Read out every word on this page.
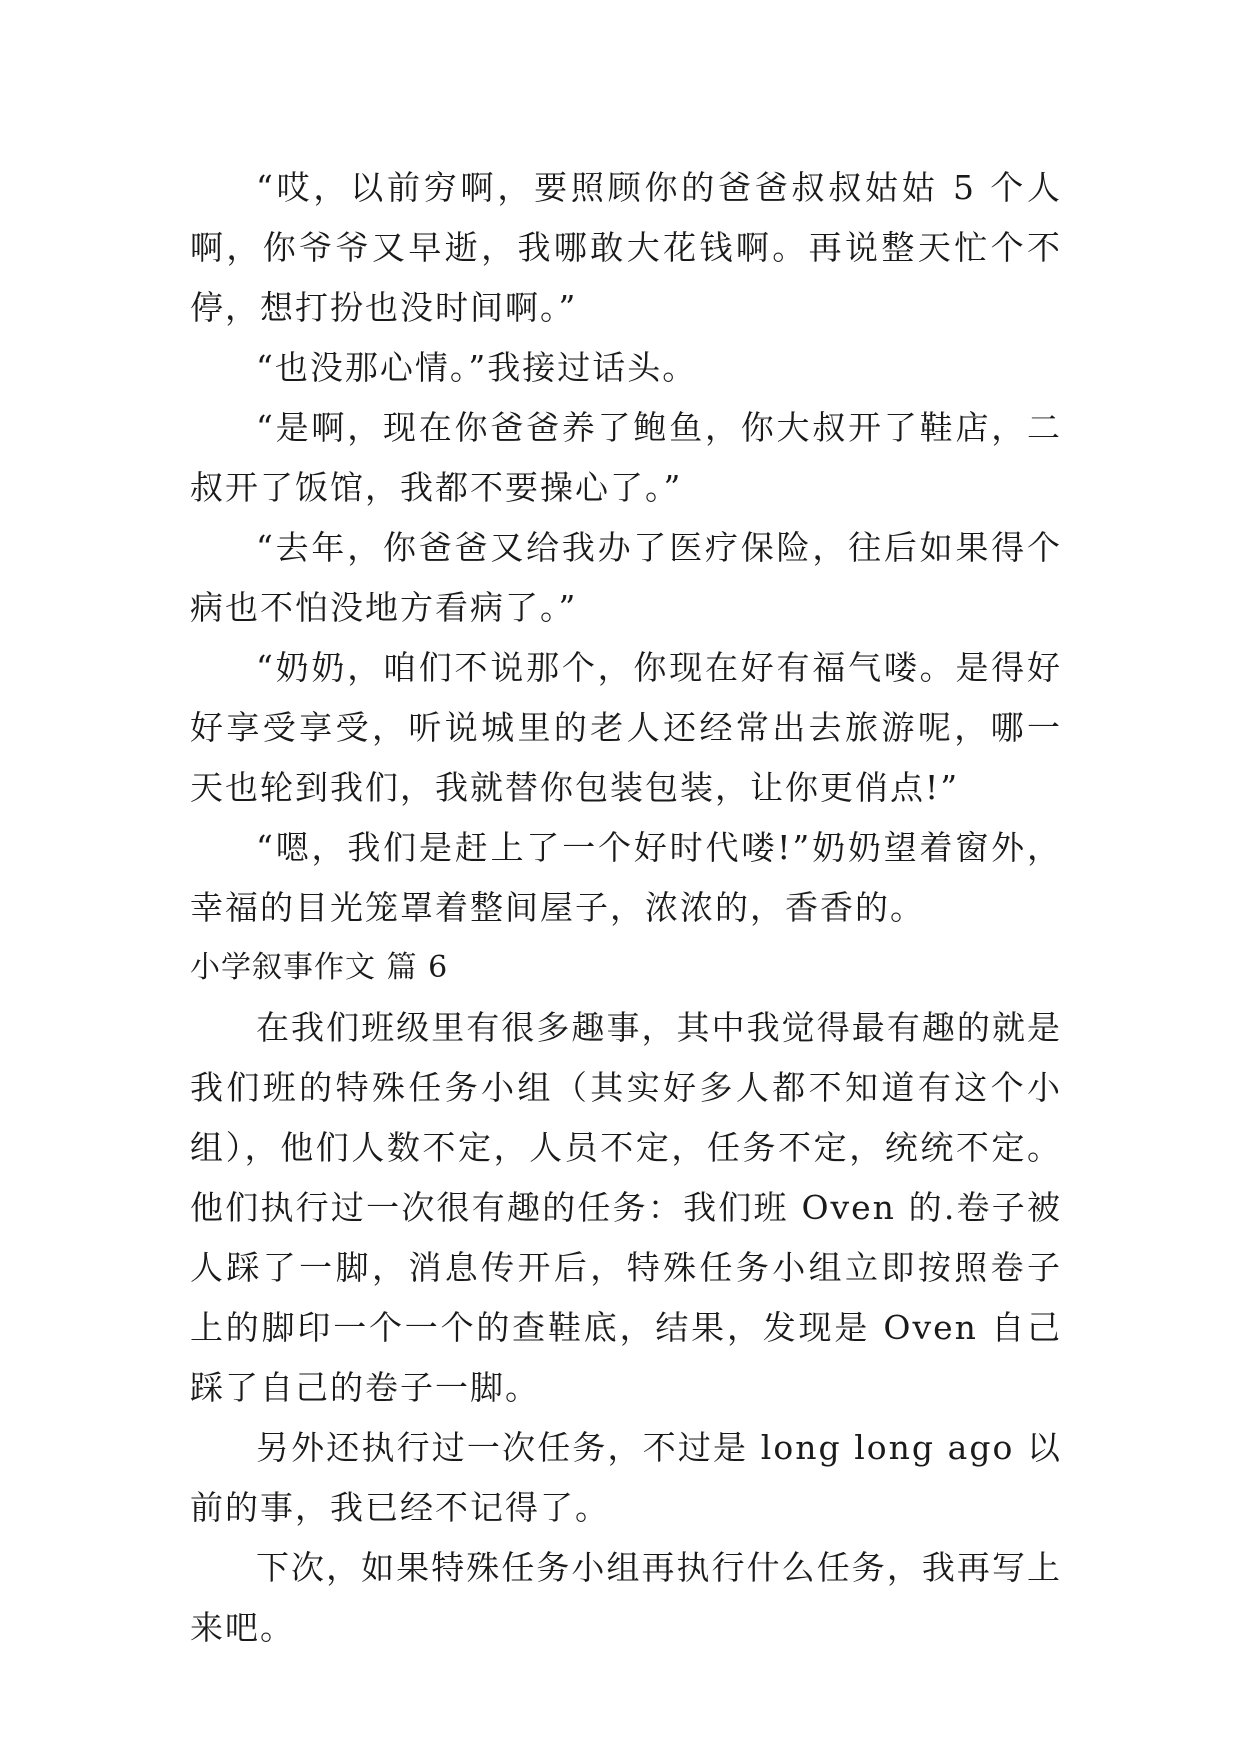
“哎，以前穷啊，要照顾你的爸爸叔叔姑姑 5 个人啊，你爷爷又早逝，我哪敢大花钱啊。再说整天忙个不停，想打扮也没时间啊。”

“也没那心情。”我接过话头。

“是啊，现在你爸爸养了鲍鱼，你大叔开了鞋店，二叔开了饭馆，我都不要操心了。”

“去年，你爸爸又给我办了医疗保险，往后如果得个病也不怕没地方看病了。”

“奶奶，咱们不说那个，你现在好有福气喽。是得好好享受享受，听说城里的老人还经常出去旅游呢，哪一天也轮到我们，我就替你包装包装，让你更俏点!”

“嗯，我们是赶上了一个好时代喽!”奶奶望着窗外，幸福的目光笼罩着整间屋子，浓浓的，香香的。

小学叙事作文 篇 6

在我们班级里有很多趣事，其中我觉得最有趣的就是我们班的特殊任务小组（其实好多人都不知道有这个小组），他们人数不定，人员不定，任务不定，统统不定。他们执行过一次很有趣的任务：我们班 Oven 的.卷子被人踩了一脚，消息传开后，特殊任务小组立即按照卷子上的脚印一个一个的查鞋底，结果，发现是 Oven 自己踩了自己的卷子一脚。

另外还执行过一次任务，不过是 long long ago 以前的事，我已经不记得了。

下次，如果特殊任务小组再执行什么任务，我再写上来吧。
